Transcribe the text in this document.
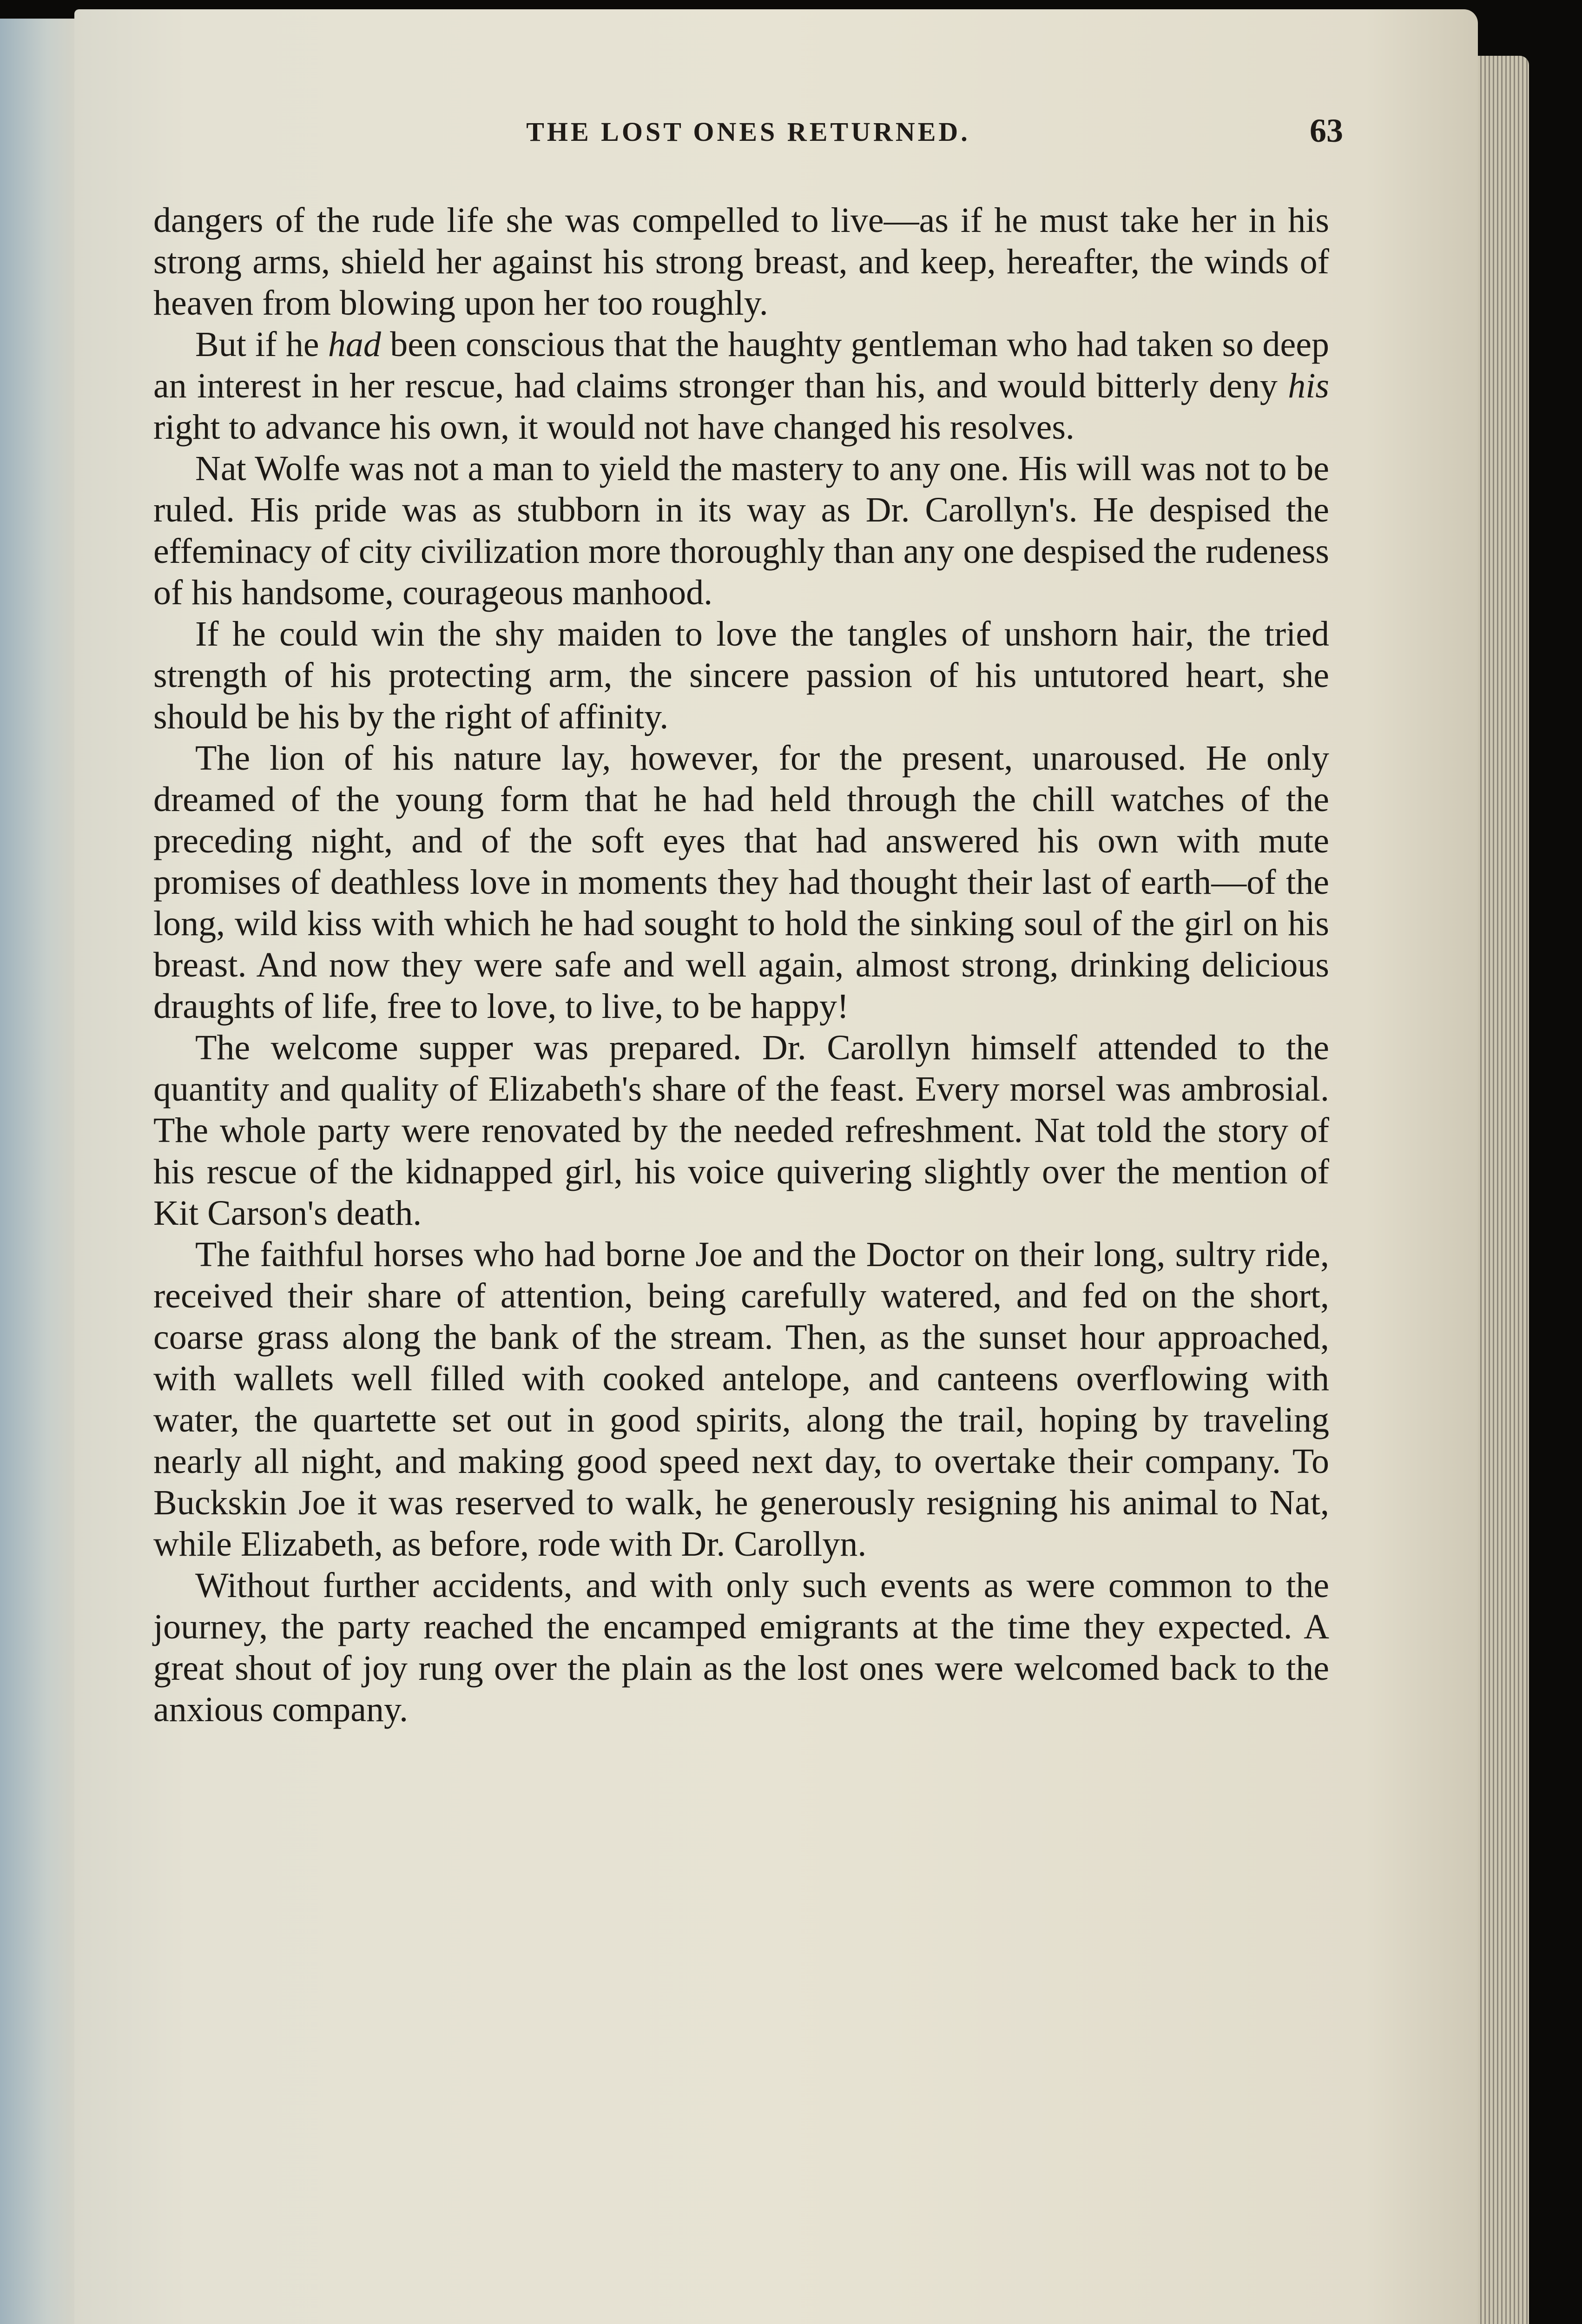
THE LOST ONES RETURNED.	63

dangers of the rude life she was compelled to live—as if he must take her in his strong arms, shield her against his strong breast, and keep, hereafter, the winds of heaven from blowing upon her too roughly.

But if he had been conscious that the haughty gentleman who had taken so deep an interest in her rescue, had claims stronger than his, and would bitterly deny his right to advance his own, it would not have changed his resolves.

Nat Wolfe was not a man to yield the mastery to any one. His will was not to be ruled. His pride was as stubborn in its way as Dr. Carollyn's. He despised the effeminacy of city civilization more thoroughly than any one despised the rudeness of his handsome, courageous manhood.

If he could win the shy maiden to love the tangles of unshorn hair, the tried strength of his protecting arm, the sincere passion of his untutored heart, she should be his by the right of affinity.

The lion of his nature lay, however, for the present, unaroused. He only dreamed of the young form that he had held through the chill watches of the preceding night, and of the soft eyes that had answered his own with mute promises of deathless love in moments they had thought their last of earth—of the long, wild kiss with which he had sought to hold the sinking soul of the girl on his breast. And now they were safe and well again, almost strong, drinking delicious draughts of life, free to love, to live, to be happy!

The welcome supper was prepared. Dr. Carollyn himself attended to the quantity and quality of Elizabeth's share of the feast. Every morsel was ambrosial. The whole party were renovated by the needed refreshment. Nat told the story of his rescue of the kidnapped girl, his voice quivering slightly over the mention of Kit Carson's death.

The faithful horses who had borne Joe and the Doctor on their long, sultry ride, received their share of attention, being carefully watered, and fed on the short, coarse grass along the bank of the stream. Then, as the sunset hour approached, with wallets well filled with cooked antelope, and canteens overflowing with water, the quartette set out in good spirits, along the trail, hoping by traveling nearly all night, and making good speed next day, to overtake their company. To Buckskin Joe it was reserved to walk, he generously resigning his animal to Nat, while Elizabeth, as before, rode with Dr. Carollyn.

Without further accidents, and with only such events as were common to the journey, the party reached the encamped emigrants at the time they expected. A great shout of joy rung over the plain as the lost ones were welcomed back to the anxious company.
